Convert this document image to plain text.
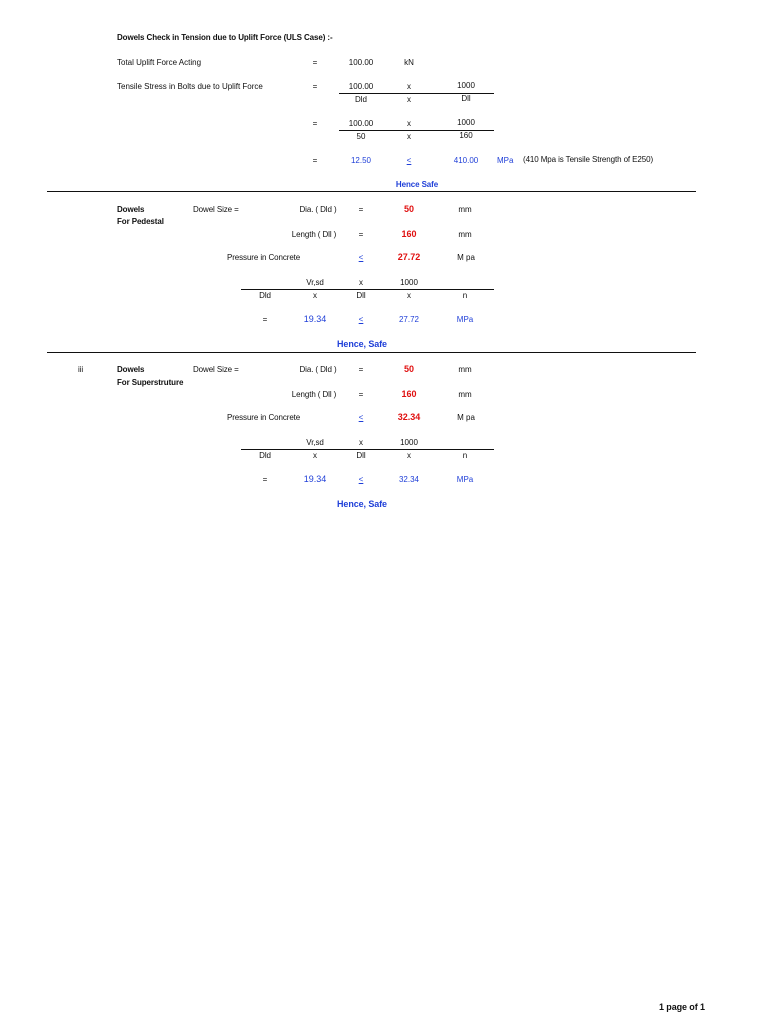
Dowels Check in Tension due to Uplift Force (ULS Case) :-
Total Uplift Force Acting	=	100.00	kN
Tensile Stress in Bolts due to Uplift Force	=	100.00	x	1000
Dld	x	Dll
=	100.00	x	1000
50	x	160
=	12.50	<	410.00 MPa (410 Mpa is Tensile Strength of E250)
Hence Safe
Dowels
For Pedestal
Dowel Size =	Dia. ( Dld )	=	50	mm
Length ( Dll )	=	160	mm
Pressure in Concrete	<	27.72	M pa
Vr,sd	x	1000
Dld	x	Dll	x	n
=	19.34	<	27.72	MPa
Hence, Safe
iii	Dowels
For Superstruture
Dowel Size =	Dia. ( Dld )	=	50	mm
Length ( Dll )	=	160	mm
Pressure in Concrete	<	32.34	M pa
Vr,sd	x	1000
Dld	x	Dll	x	n
=	19.34	<	32.34	MPa
Hence, Safe
1 page of 1
